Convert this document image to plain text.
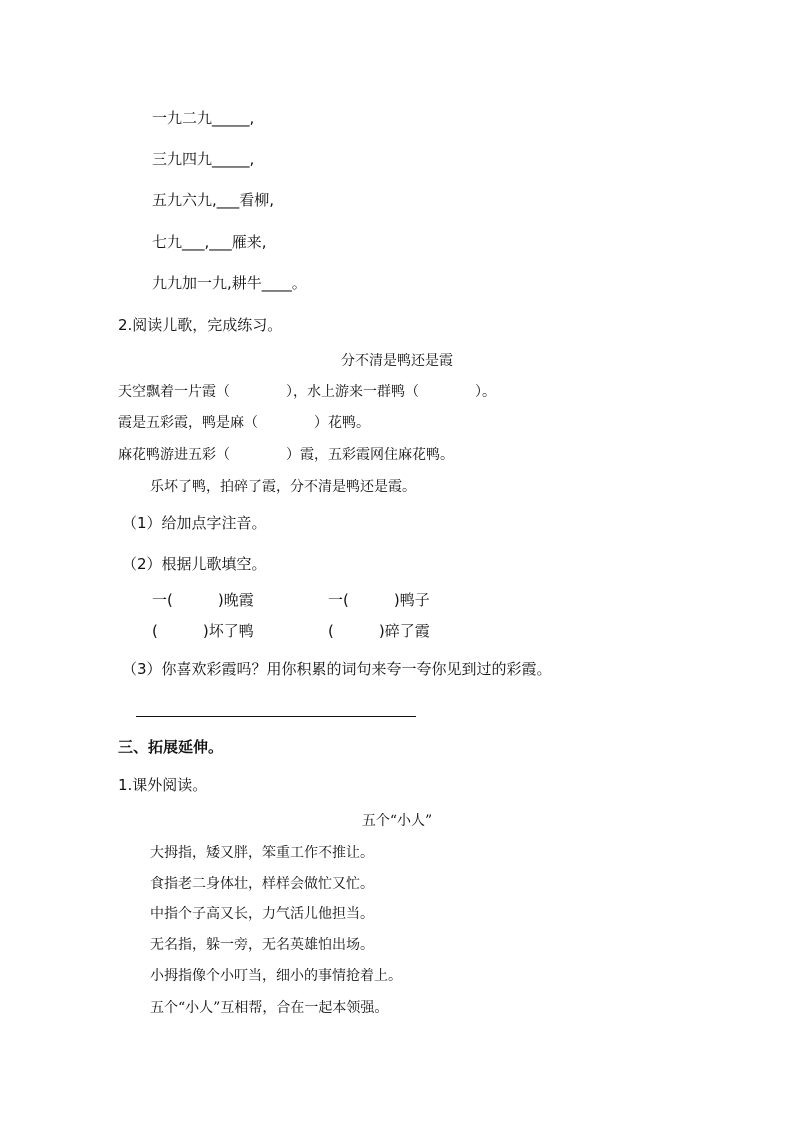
一九二九_____,
三九四九_____,
五九六九,___看柳,
七九___,___雁来,
九九加一九,耕牛____。
2.阅读儿歌，完成练习。
分不清是鸭还是霞
天空飘着一片霞（　　　　），水上游来一群鸭（　　　　）。
霞是五彩霞，鸭是麻（　　　　）花鸭。
麻花鸭游进五彩（　　　　）霞，五彩霞网住麻花鸭。
乐坏了鸭，拍碎了霞，分不清是鸭还是霞。
（1）给加点字注音。
（2）根据儿歌填空。
一(　　　)晚霞	一(　　　)鸭子
(　　　)坏了鸭	(　　　)碎了霞
（3）你喜欢彩霞吗？用你积累的词句来夸一夸你见到过的彩霞。
三、拓展延伸。
1.课外阅读。
五个“小人”
大拇指，矮又胖，笨重工作不推让。
食指老二身体壮，样样会做忙又忙。
中指个子高又长，力气活儿他担当。
无名指，躲一旁，无名英雄怕出场。
小拇指像个小叮当，细小的事情抢着上。
五个“小人”互相帮，合在一起本领强。
